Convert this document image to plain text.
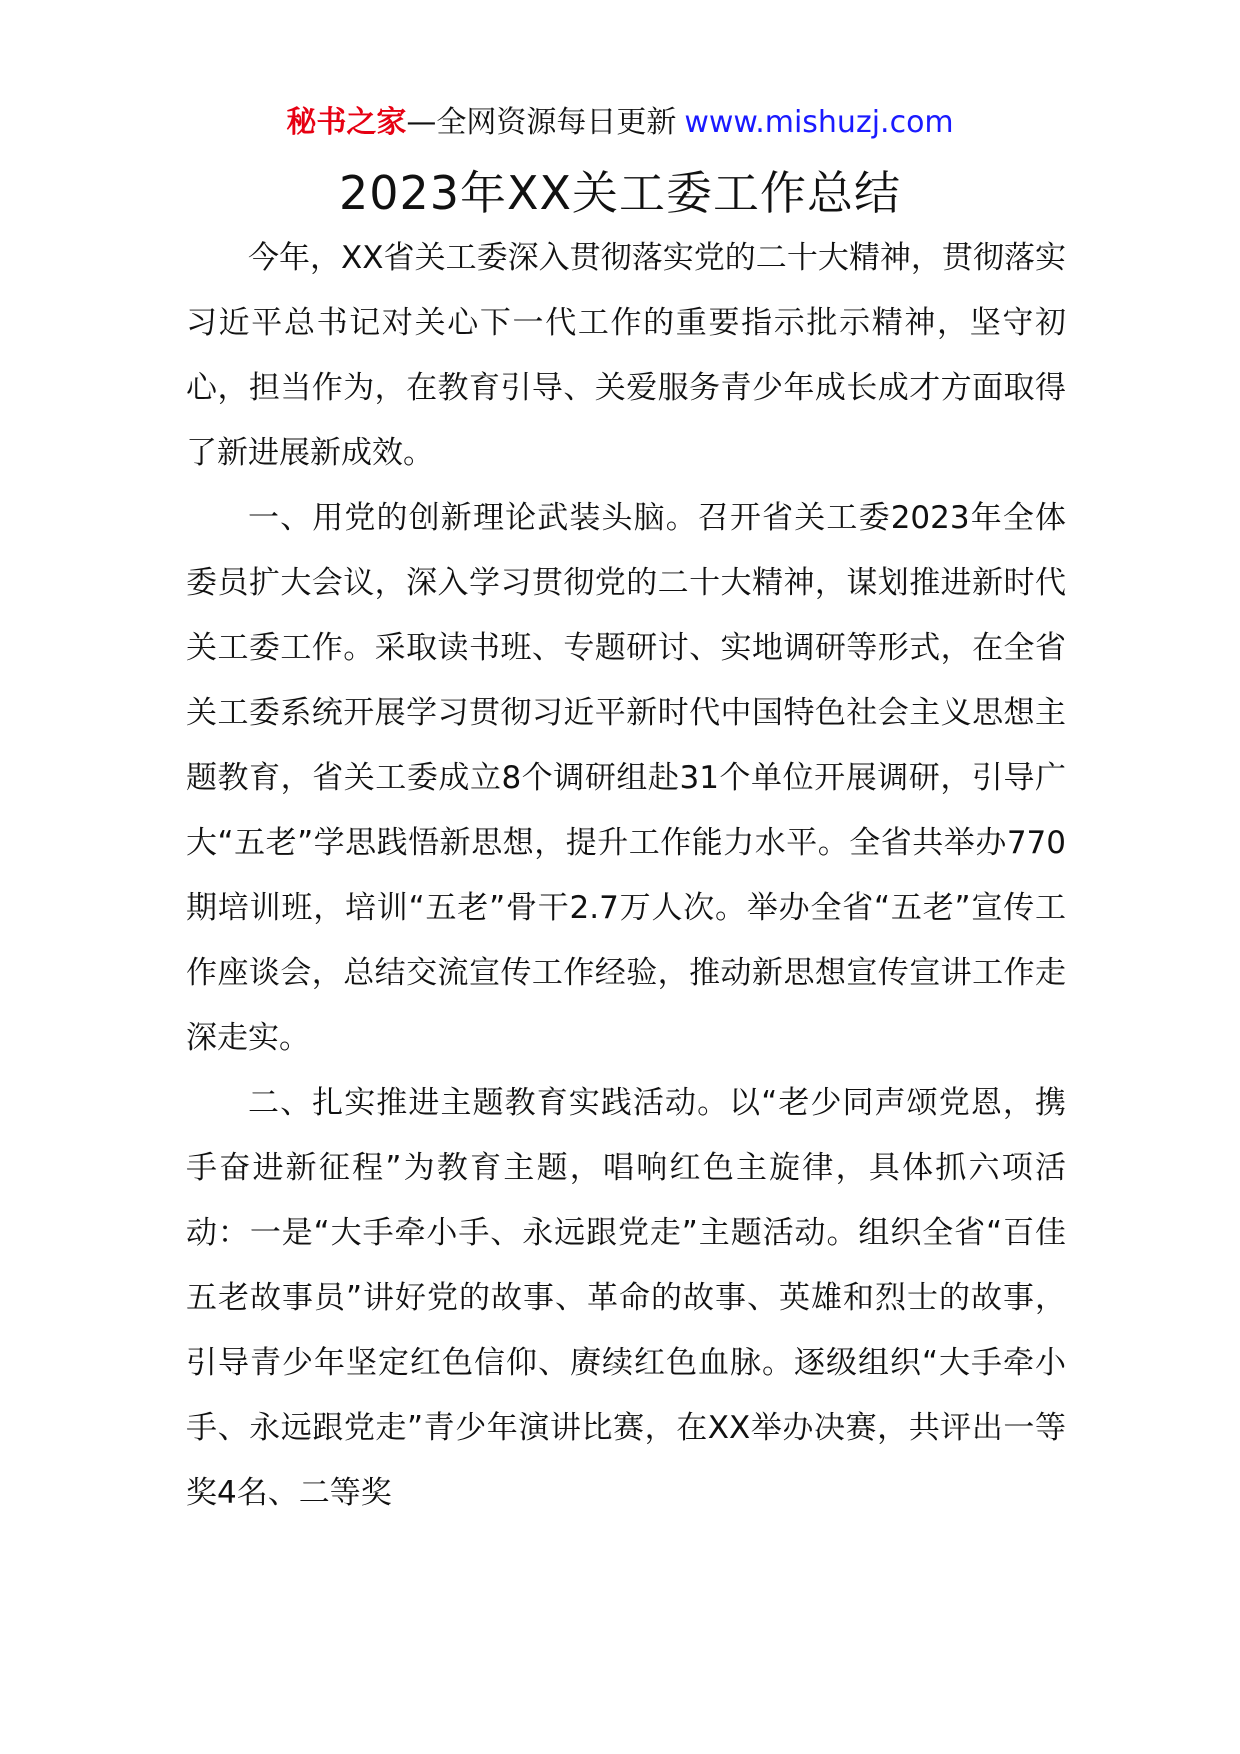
秘书之家—全网资源每日更新 www.mishuzj.com
2023年XX关工委工作总结

今年，XX省关工委深入贯彻落实党的二十大精神，贯彻落实习近平总书记对关心下一代工作的重要指示批示精神，坚守初心，担当作为，在教育引导、关爱服务青少年成长成才方面取得了新进展新成效。

一、用党的创新理论武装头脑。召开省关工委2023年全体委员扩大会议，深入学习贯彻党的二十大精神，谋划推进新时代关工委工作。采取读书班、专题研讨、实地调研等形式，在全省关工委系统开展学习贯彻习近平新时代中国特色社会主义思想主题教育，省关工委成立8个调研组赴31个单位开展调研，引导广大“五老”学思践悟新思想，提升工作能力水平。全省共举办770期培训班，培训“五老”骨干2.7万人次。举办全省“五老”宣传工作座谈会，总结交流宣传工作经验，推动新思想宣传宣讲工作走深走实。

二、扎实推进主题教育实践活动。以“老少同声颂党恩，携手奋进新征程”为教育主题，唱响红色主旋律，具体抓六项活动：一是“大手牵小手、永远跟党走”主题活动。组织全省“百佳五老故事员”讲好党的故事、革命的故事、英雄和烈士的故事，引导青少年坚定红色信仰、赓续红色血脉。逐级组织“大手牵小手、永远跟党走”青少年演讲比赛，在XX举办决赛，共评出一等奖4名、二等奖
